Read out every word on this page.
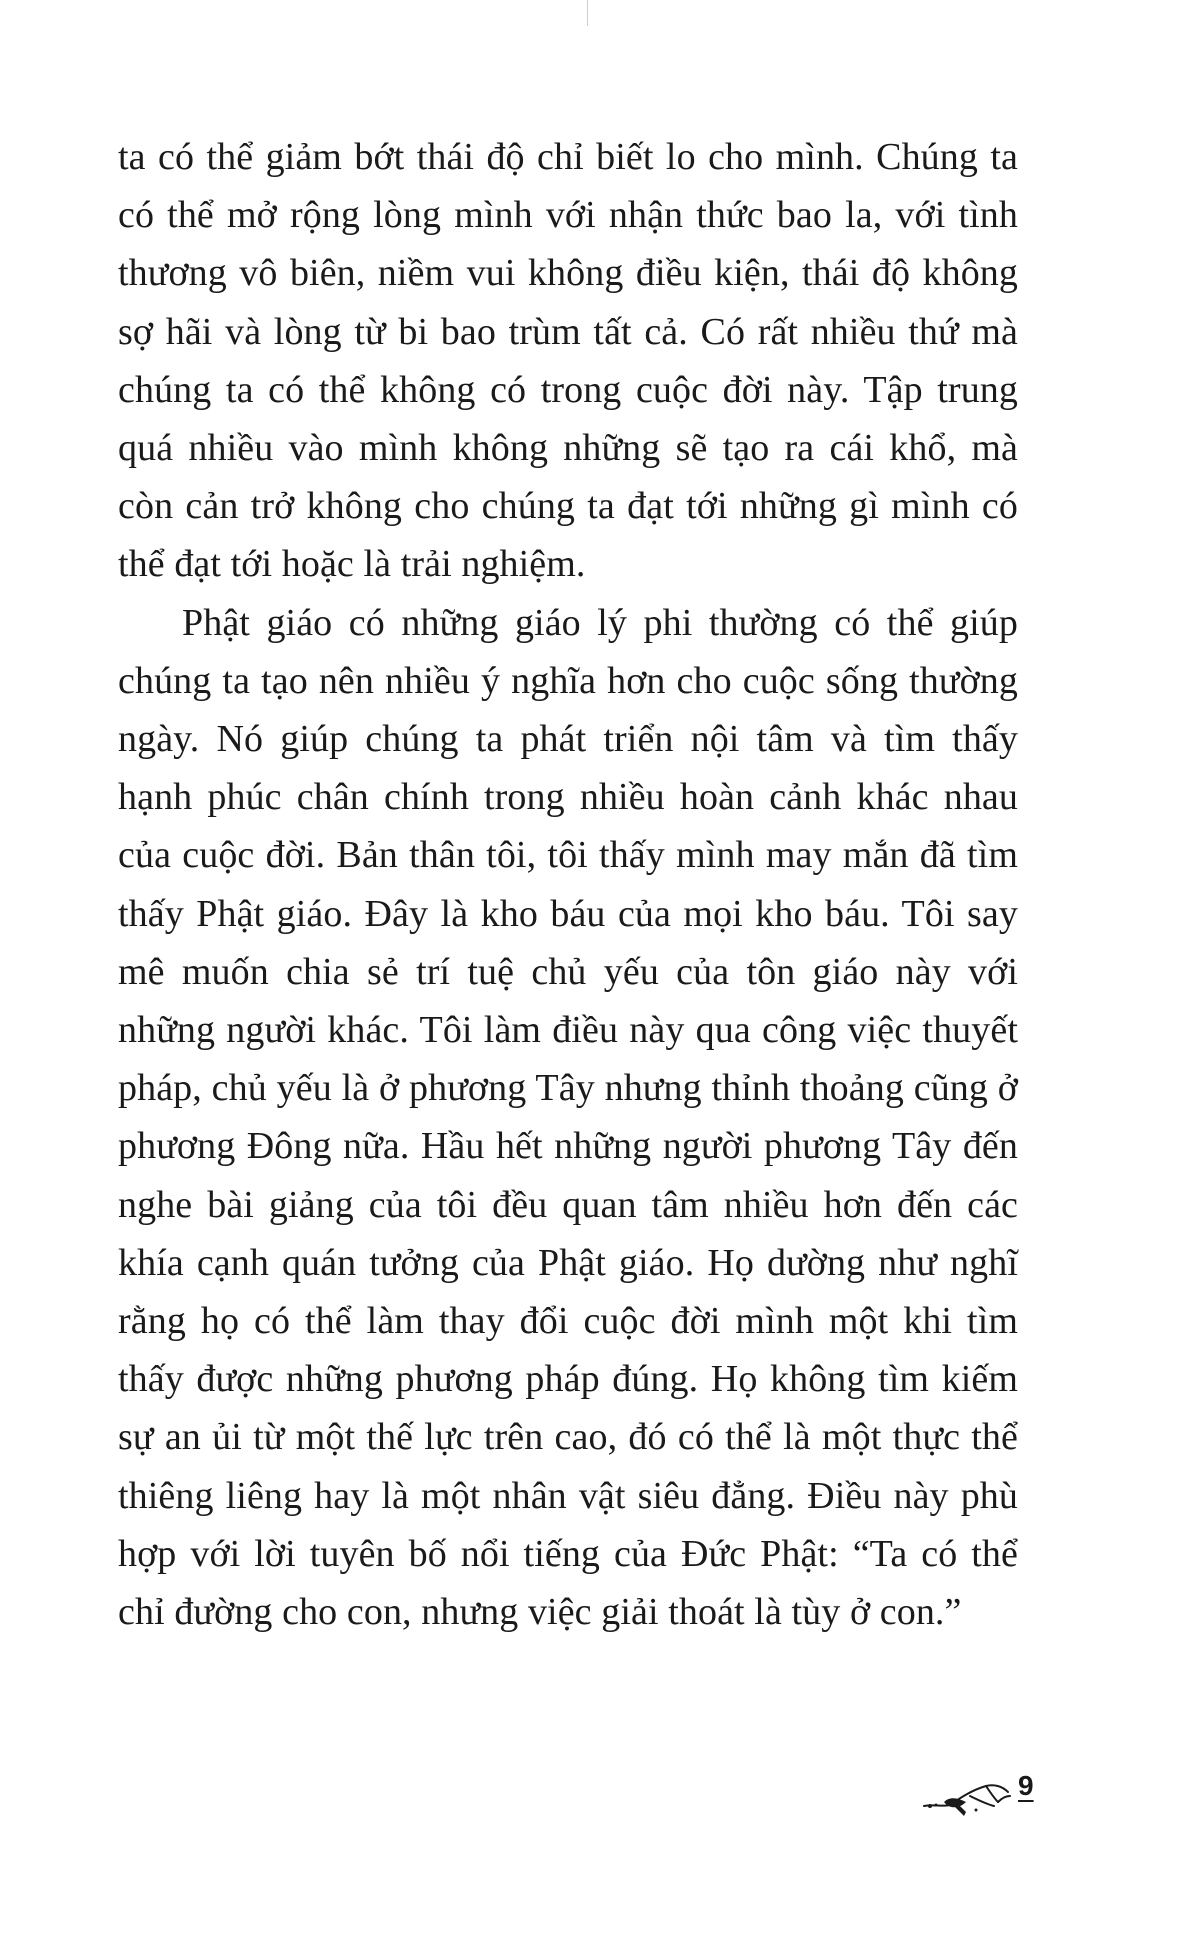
ta có thể giảm bớt thái độ chỉ biết lo cho mình. Chúng ta có thể mở rộng lòng mình với nhận thức bao la, với tình thương vô biên, niềm vui không điều kiện, thái độ không sợ hãi và lòng từ bi bao trùm tất cả. Có rất nhiều thứ mà chúng ta có thể không có trong cuộc đời này. Tập trung quá nhiều vào mình không những sẽ tạo ra cái khổ, mà còn cản trở không cho chúng ta đạt tới những gì mình có thể đạt tới hoặc là trải nghiệm.

Phật giáo có những giáo lý phi thường có thể giúp chúng ta tạo nên nhiều ý nghĩa hơn cho cuộc sống thường ngày. Nó giúp chúng ta phát triển nội tâm và tìm thấy hạnh phúc chân chính trong nhiều hoàn cảnh khác nhau của cuộc đời. Bản thân tôi, tôi thấy mình may mắn đã tìm thấy Phật giáo. Đây là kho báu của mọi kho báu. Tôi say mê muốn chia sẻ trí tuệ chủ yếu của tôn giáo này với những người khác. Tôi làm điều này qua công việc thuyết pháp, chủ yếu là ở phương Tây nhưng thỉnh thoảng cũng ở phương Đông nữa. Hầu hết những người phương Tây đến nghe bài giảng của tôi đều quan tâm nhiều hơn đến các khía cạnh quán tưởng của Phật giáo. Họ dường như nghĩ rằng họ có thể làm thay đổi cuộc đời mình một khi tìm thấy được những phương pháp đúng. Họ không tìm kiếm sự an ủi từ một thế lực trên cao, đó có thể là một thực thể thiêng liêng hay là một nhân vật siêu đẳng. Điều này phù hợp với lời tuyên bố nổi tiếng của Đức Phật: “Ta có thể chỉ đường cho con, nhưng việc giải thoát là tùy ở con.”

9
